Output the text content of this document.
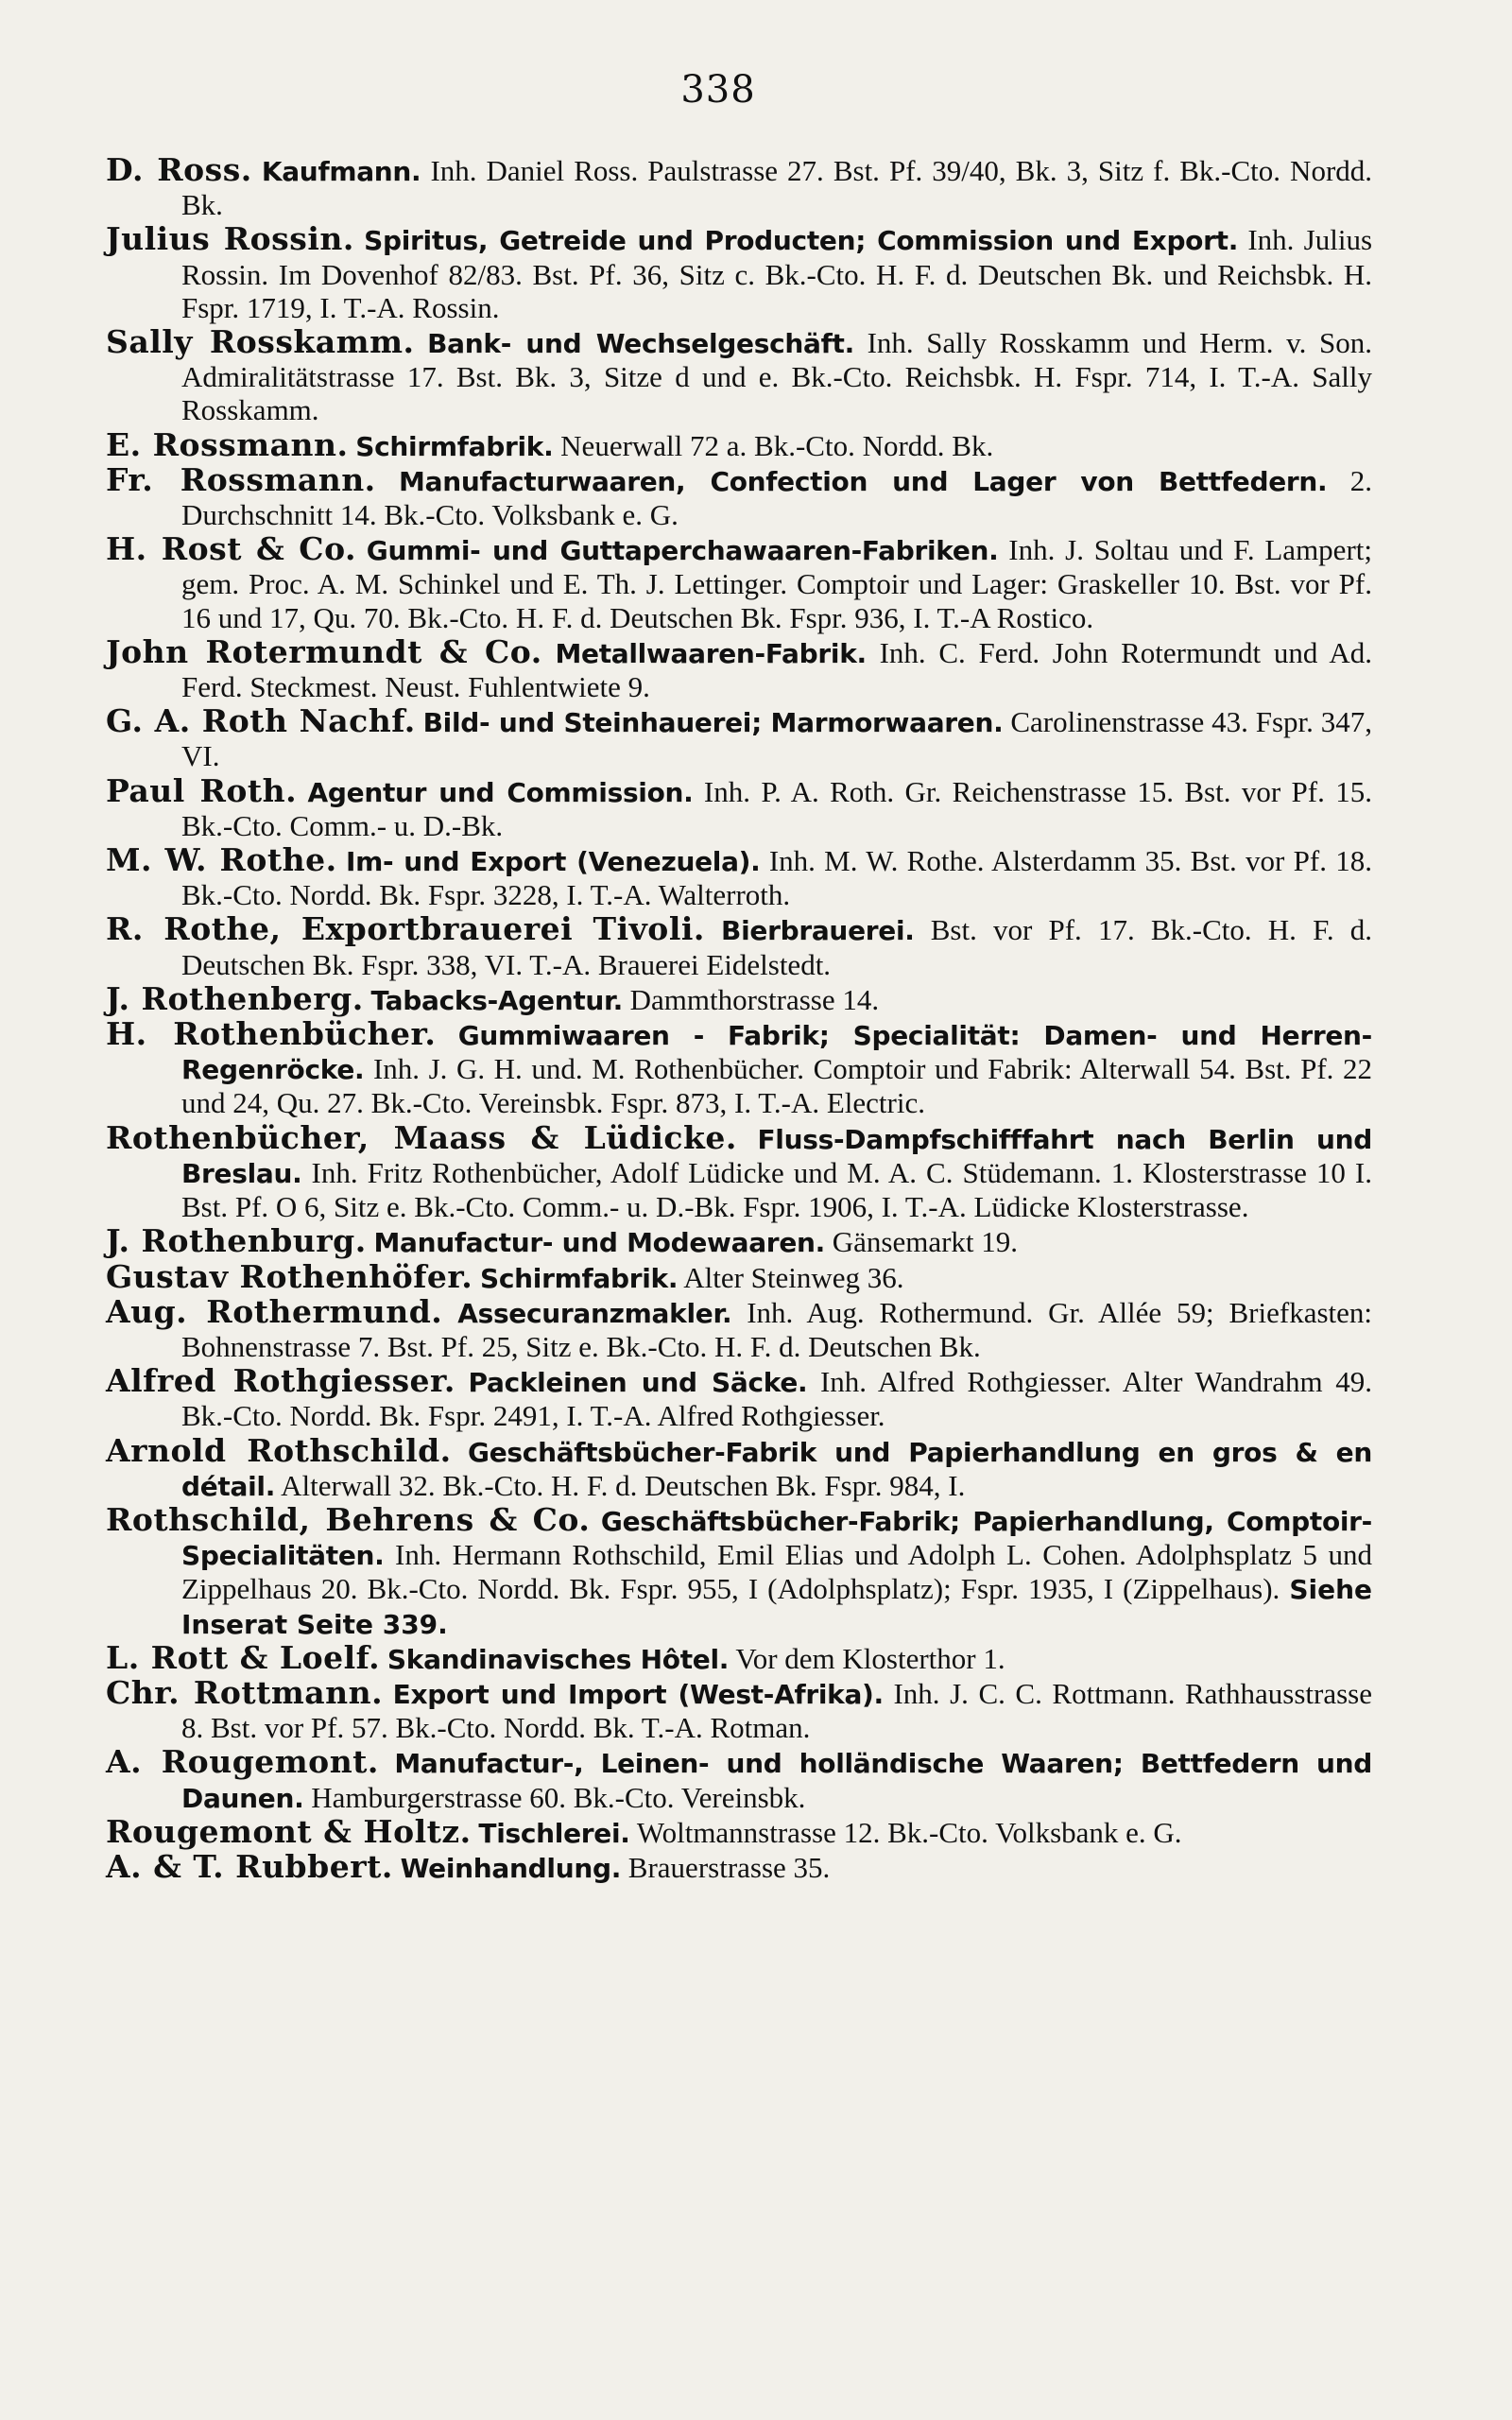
338

D. Ross. Kaufmann. Inh. Daniel Ross. Paulstrasse 27. Bst. Pf. 39/40, Bk. 3, Sitz f. Bk.-Cto. Nordd. Bk.

Julius Rossin. Spiritus, Getreide und Producten; Commission und Export. Inh. Julius Rossin. Im Dovenhof 82/83. Bst. Pf. 36, Sitz c. Bk.-Cto. H. F. d. Deutschen Bk. und Reichsbk. H. Fspr. 1719, I. T.-A. Rossin.

Sally Rosskamm. Bank- und Wechselgeschäft. Inh. Sally Rosskamm und Herm. v. Son. Admiralitätstrasse 17. Bst. Bk. 3, Sitze d und e. Bk.-Cto. Reichsbk. H. Fspr. 714, I. T.-A. Sally Rosskamm.

E. Rossmann. Schirmfabrik. Neuerwall 72 a. Bk.-Cto. Nordd. Bk.

Fr. Rossmann. Manufacturwaaren, Confection und Lager von Bettfedern. 2. Durchschnitt 14. Bk.-Cto. Volksbank e. G.

H. Rost & Co. Gummi- und Guttaperchawaaren-Fabriken. Inh. J. Soltau und F. Lampert; gem. Proc. A. M. Schinkel und E. Th. J. Lettinger. Comptoir und Lager: Graskeller 10. Bst. vor Pf. 16 und 17, Qu. 70. Bk.-Cto. H. F. d. Deutschen Bk. Fspr. 936, I. T.-A Rostico.

John Rotermundt & Co. Metallwaaren-Fabrik. Inh. C. Ferd. John Rotermundt und Ad. Ferd. Steckmest. Neust. Fuhlentwiete 9.

G. A. Roth Nachf. Bild- und Steinhauerei; Marmorwaaren. Carolinenstrasse 43. Fspr. 347, VI.

Paul Roth. Agentur und Commission. Inh. P. A. Roth. Gr. Reichenstrasse 15. Bst. vor Pf. 15. Bk.-Cto. Comm.- u. D.-Bk.

M. W. Rothe. Im- und Export (Venezuela). Inh. M. W. Rothe. Alsterdamm 35. Bst. vor Pf. 18. Bk.-Cto. Nordd. Bk. Fspr. 3228, I. T.-A. Walterroth.

R. Rothe, Exportbrauerei Tivoli. Bierbrauerei. Bst. vor Pf. 17. Bk.-Cto. H. F. d. Deutschen Bk. Fspr. 338, VI. T.-A. Brauerei Eidelstedt.

J. Rothenberg. Tabacks-Agentur. Dammthorstrasse 14.

H. Rothenbücher. Gummiwaaren - Fabrik; Specialität: Damen- und Herren-Regenröcke. Inh. J. G. H. und. M. Rothenbücher. Comptoir und Fabrik: Alterwall 54. Bst. Pf. 22 und 24, Qu. 27. Bk.-Cto. Vereinsbk. Fspr. 873, I. T.-A. Electric.

Rothenbücher, Maass & Lüdicke. Fluss-Dampfschifffahrt nach Berlin und Breslau. Inh. Fritz Rothenbücher, Adolf Lüdicke und M. A. C. Stüdemann. 1. Klosterstrasse 10 I. Bst. Pf. O 6, Sitz e. Bk.-Cto. Comm.- u. D.-Bk. Fspr. 1906, I. T.-A. Lüdicke Klosterstrasse.

J. Rothenburg. Manufactur- und Modewaaren. Gänsemarkt 19.

Gustav Rothenhöfer. Schirmfabrik. Alter Steinweg 36.

Aug. Rothermund. Assecuranzmakler. Inh. Aug. Rothermund. Gr. Allée 59; Briefkasten: Bohnenstrasse 7. Bst. Pf. 25, Sitz e. Bk.-Cto. H. F. d. Deutschen Bk.

Alfred Rothgiesser. Packleinen und Säcke. Inh. Alfred Rothgiesser. Alter Wandrahm 49. Bk.-Cto. Nordd. Bk. Fspr. 2491, I. T.-A. Alfred Rothgiesser.

Arnold Rothschild. Geschäftsbücher-Fabrik und Papierhandlung en gros & en détail. Alterwall 32. Bk.-Cto. H. F. d. Deutschen Bk. Fspr. 984, I.

Rothschild, Behrens & Co. Geschäftsbücher-Fabrik; Papierhandlung, Comptoir-Specialitäten. Inh. Hermann Rothschild, Emil Elias und Adolph L. Cohen. Adolphsplatz 5 und Zippelhaus 20. Bk.-Cto. Nordd. Bk. Fspr. 955, I (Adolphsplatz); Fspr. 1935, I (Zippelhaus). Siehe Inserat Seite 339.

L. Rott & Loelf. Skandinavisches Hôtel. Vor dem Klosterthor 1.

Chr. Rottmann. Export und Import (West-Afrika). Inh. J. C. C. Rottmann. Rathhausstrasse 8. Bst. vor Pf. 57. Bk.-Cto. Nordd. Bk. T.-A. Rotman.

A. Rougemont. Manufactur-, Leinen- und holländische Waaren; Bettfedern und Daunen. Hamburgerstrasse 60. Bk.-Cto. Vereinsbk.

Rougemont & Holtz. Tischlerei. Woltmannstrasse 12. Bk.-Cto. Volksbank e. G.

A. & T. Rubbert. Weinhandlung. Brauerstrasse 35.
